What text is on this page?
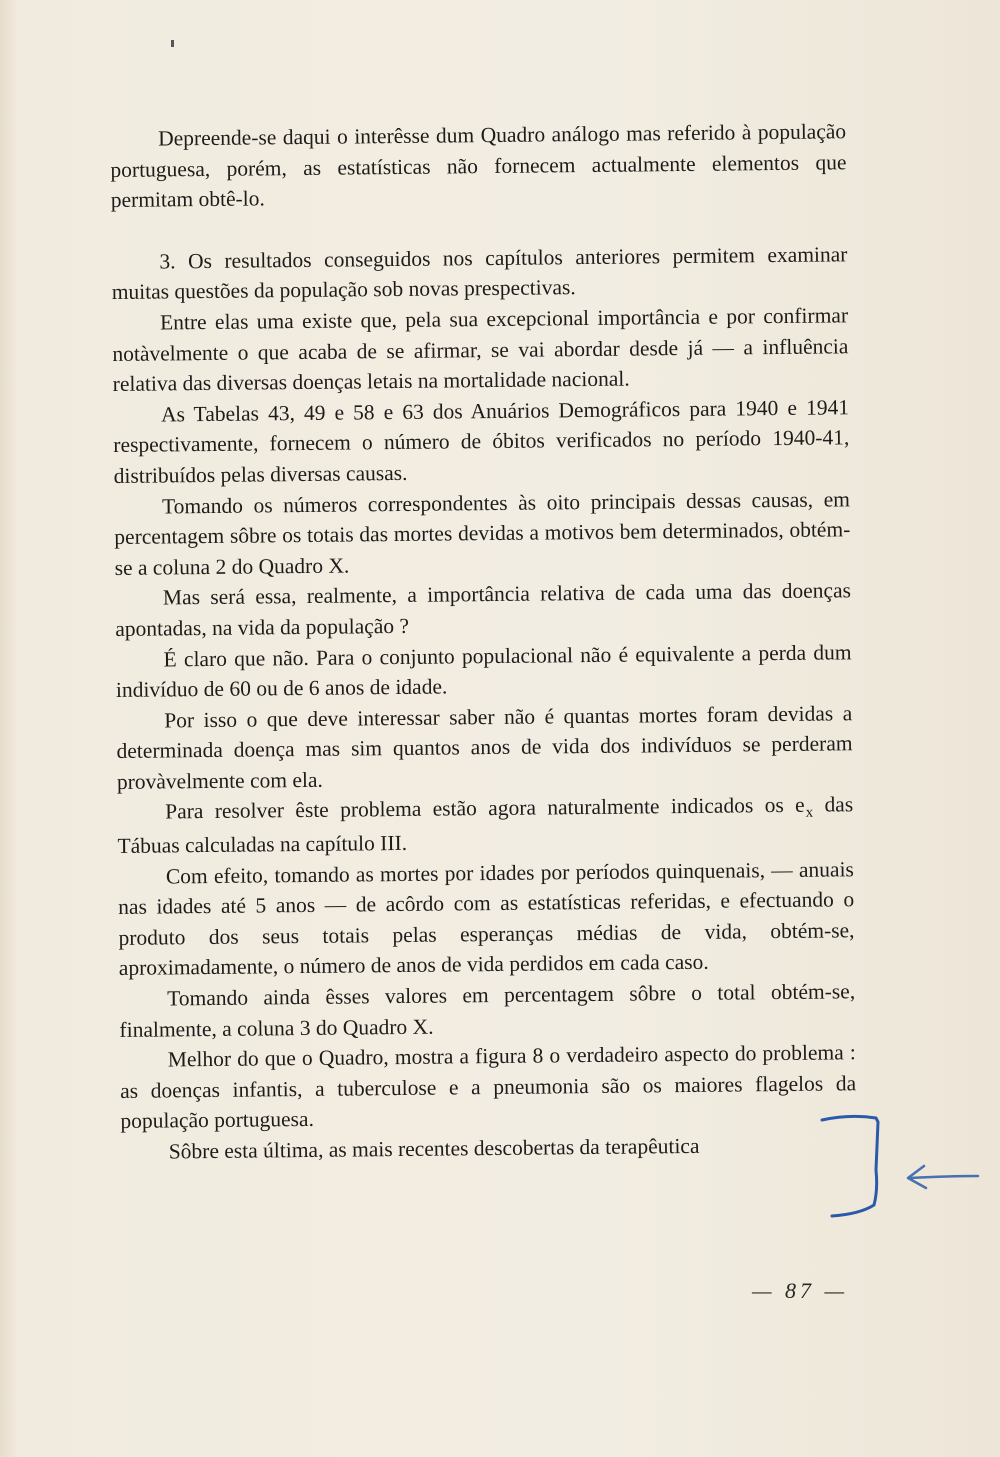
Depreende-se daqui o interêsse dum Quadro análogo mas referido à população portuguesa, porém, as estatísticas não fornecem actualmente elementos que permitam obtê-lo.

3. Os resultados conseguidos nos capítulos anteriores permitem examinar muitas questões da população sob novas prespectivas.

Entre elas uma existe que, pela sua excepcional importância e por confirmar notàvelmente o que acaba de se afirmar, se vai abordar desde já — a influência relativa das diversas doenças letais na mortalidade nacional.

As Tabelas 43, 49 e 58 e 63 dos Anuários Demográficos para 1940 e 1941 respectivamente, fornecem o número de óbitos verificados no período 1940-41, distribuídos pelas diversas causas.

Tomando os números correspondentes às oito principais dessas causas, em percentagem sôbre os totais das mortes devidas a motivos bem determinados, obtém-se a coluna 2 do Quadro X.

Mas será essa, realmente, a importância relativa de cada uma das doenças apontadas, na vida da população ?

É claro que não. Para o conjunto populacional não é equivalente a perda dum indivíduo de 60 ou de 6 anos de idade.

Por isso o que deve interessar saber não é quantas mortes foram devidas a determinada doença mas sim quantos anos de vida dos indivíduos se perderam provàvelmente com ela.

Para resolver êste problema estão agora naturalmente indicados os $e_x$ das Tábuas calculadas na capítulo III.

Com efeito, tomando as mortes por idades por períodos quinquenais, — anuais nas idades até 5 anos — de acôrdo com as estatísticas referidas, e efectuando o produto dos seus totais pelas esperanças médias de vida, obtém-se, aproximadamente, o número de anos de vida perdidos em cada caso.

Tomando ainda êsses valores em percentagem sôbre o total obtém-se, finalmente, a coluna 3 do Quadro X.

Melhor do que o Quadro, mostra a figura 8 o verdadeiro aspecto do problema : as doenças infantis, a tuberculose e a pneumonia são os maiores flagelos da população portuguesa.

Sôbre esta última, as mais recentes descobertas da terapêutica

— 87 —
